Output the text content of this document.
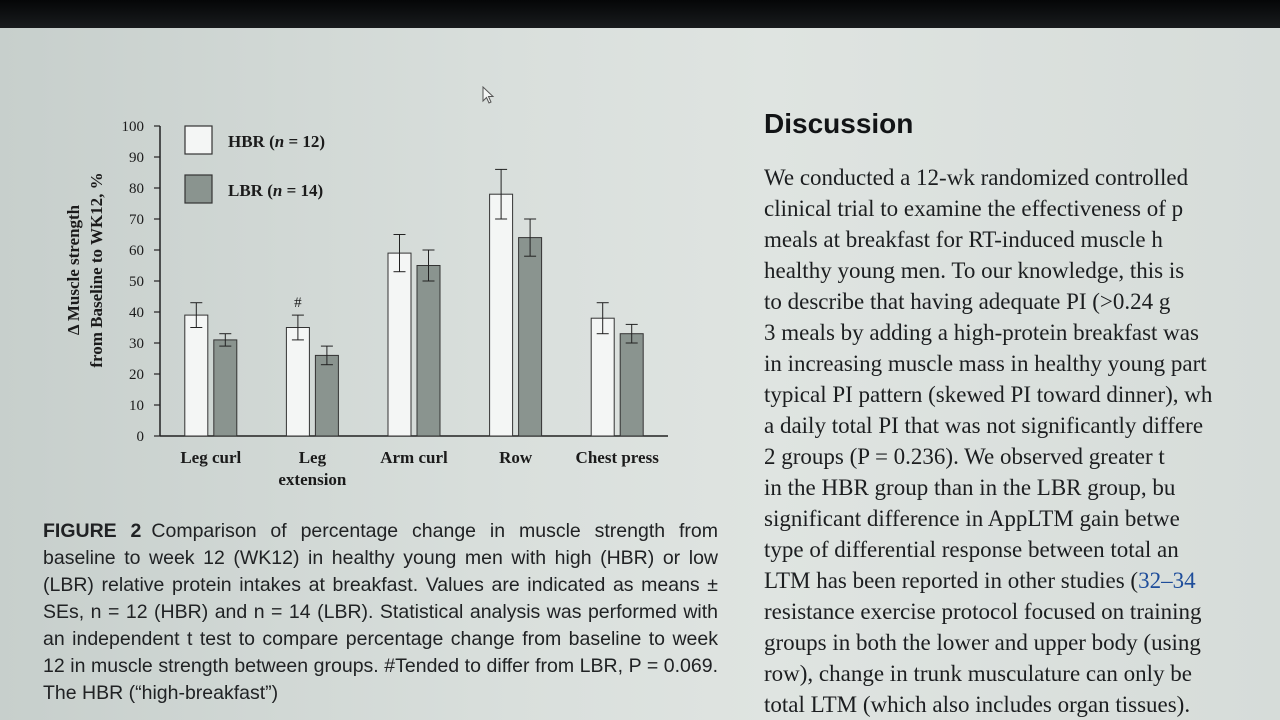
0
10
20
30
40
50
60
70
80
90
100
Δ Muscle strength from Baseline to WK12, %
Leg curl	Leg extension
Arm curl	Row	Chest press
#
HBR (n = 12)
LBR (n = 14)
FIGURE 2 Comparison of percentage change in muscle strength from baseline to week 12 (WK12) in healthy young men with high (HBR) or low (LBR) relative protein intakes at breakfast. Values are indicated as means ± SEs, n = 12 (HBR) and n = 14 (LBR). Statistical analysis was performed with an independent t test to compare percentage change from baseline to week 12 in muscle strength between groups. #Tended to differ from LBR, P = 0.069. The HBR (“high-breakfast”)
Discussion
We conducted a 12-wk randomized controlled
clinical trial to examine the effectiveness of p
meals at breakfast for RT-induced muscle h
healthy young men. To our knowledge, this is
to describe that having adequate PI (>0.24 g
3 meals by adding a high-protein breakfast was
in increasing muscle mass in healthy young part
typical PI pattern (skewed PI toward dinner), wh
a daily total PI that was not significantly differe
2 groups (P = 0.236). We observed greater t
in the HBR group than in the LBR group, bu
significant difference in AppLTM gain betwe
type of differential response between total an
LTM has been reported in other studies (32–34
resistance exercise protocol focused on training
groups in both the lower and upper body (using
row), change in trunk musculature can only be
total LTM (which also includes organ tissues).
